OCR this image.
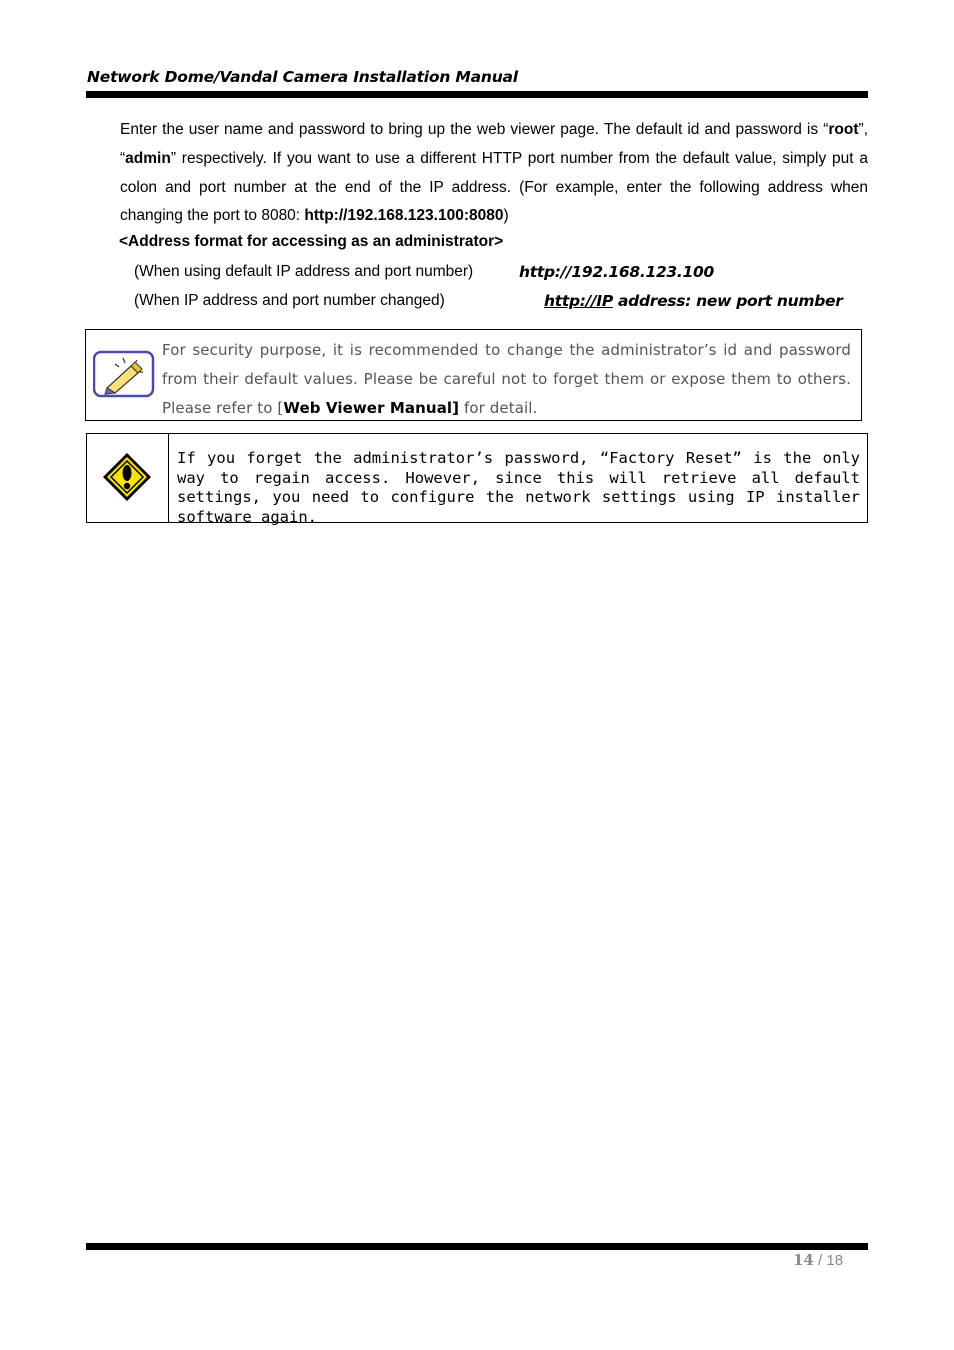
Network Dome/Vandal Camera Installation Manual
Enter the user name and password to bring up the web viewer page. The default id and password is “root”, “admin” respectively. If you want to use a different HTTP port number from the default value, simply put a colon and port number at the end of the IP address. (For example, enter the following address when changing the port to 8080: http://192.168.123.100:8080)
<Address format for accessing as an administrator>
(When using default IP address and port number)	http://192.168.123.100
(When IP address and port number changed)	http://IP address: new port number
For security purpose, it is recommended to change the administrator’s id and password from their default values. Please be careful not to forget them or expose them to others. Please refer to [Web Viewer Manual] for detail.
If you forget the administrator’s password, “Factory Reset” is the only way to regain access. However, since this will retrieve all default settings, you need to configure the network settings using IP installer software again.
14 / 18
